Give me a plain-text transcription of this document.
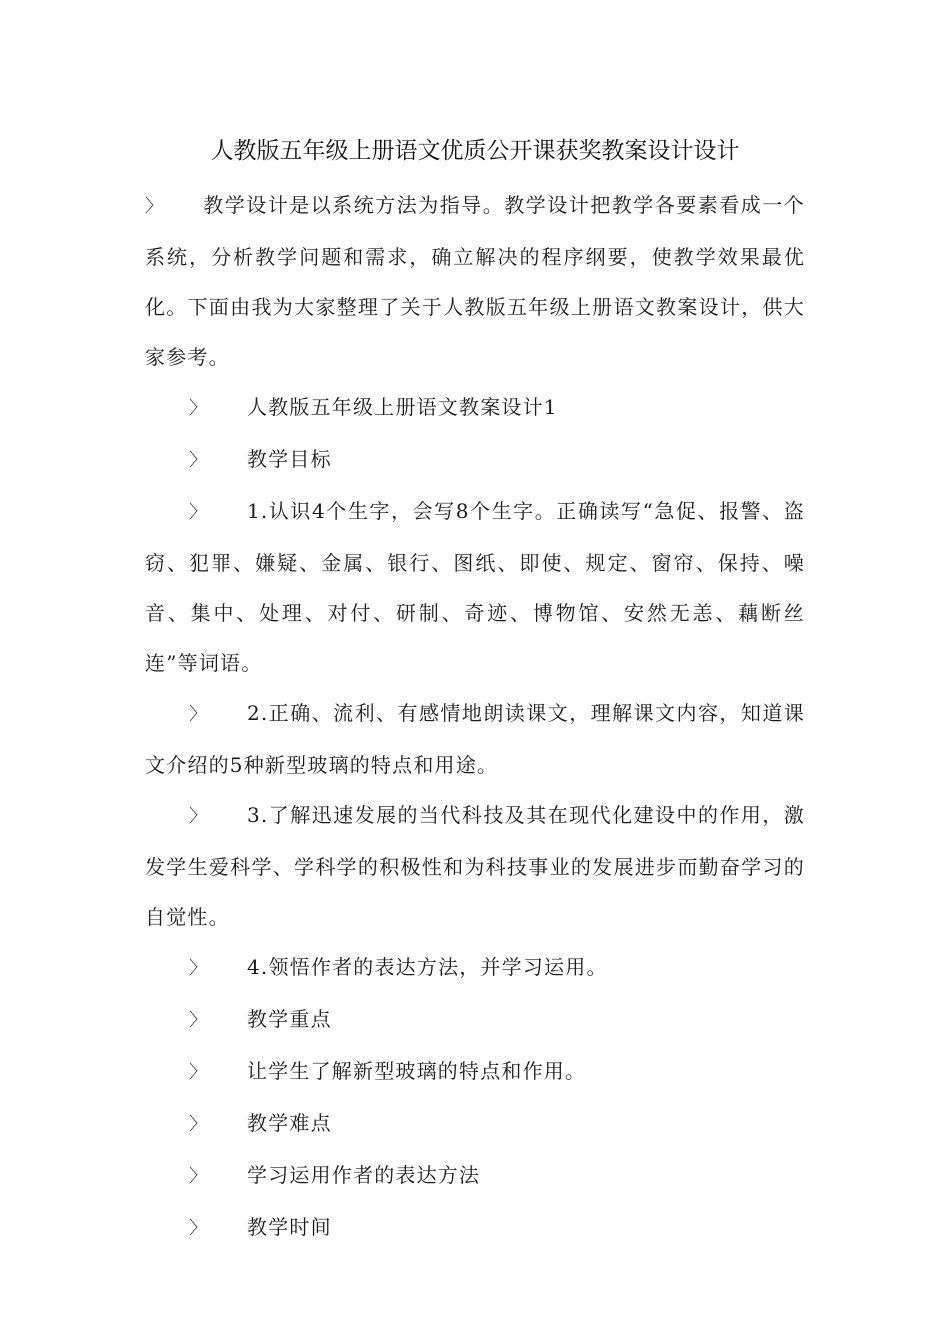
人教版五年级上册语文优质公开课获奖教案设计设计

〉 教学设计是以系统方法为指导。教学设计把教学各要素看成一个系统，分析教学问题和需求，确立解决的程序纲要，使教学效果最优化。下面由我为大家整理了关于人教版五年级上册语文教案设计，供大家参考。

〉 人教版五年级上册语文教案设计1

〉 教学目标

〉 1.认识4个生字，会写8个生字。正确读写“急促、报警、盗窃、犯罪、嫌疑、金属、银行、图纸、即使、规定、窗帘、保持、噪音、集中、处理、对付、研制、奇迹、博物馆、安然无恙、藕断丝连”等词语。

〉 2.正确、流利、有感情地朗读课文，理解课文内容，知道课文介绍的5种新型玻璃的特点和用途。

〉 3.了解迅速发展的当代科技及其在现代化建设中的作用，激发学生爱科学、学科学的积极性和为科技事业的发展进步而勤奋学习的自觉性。

〉 4.领悟作者的表达方法，并学习运用。

〉 教学重点

〉 让学生了解新型玻璃的特点和作用。

〉 教学难点

〉 学习运用作者的表达方法

〉 教学时间
